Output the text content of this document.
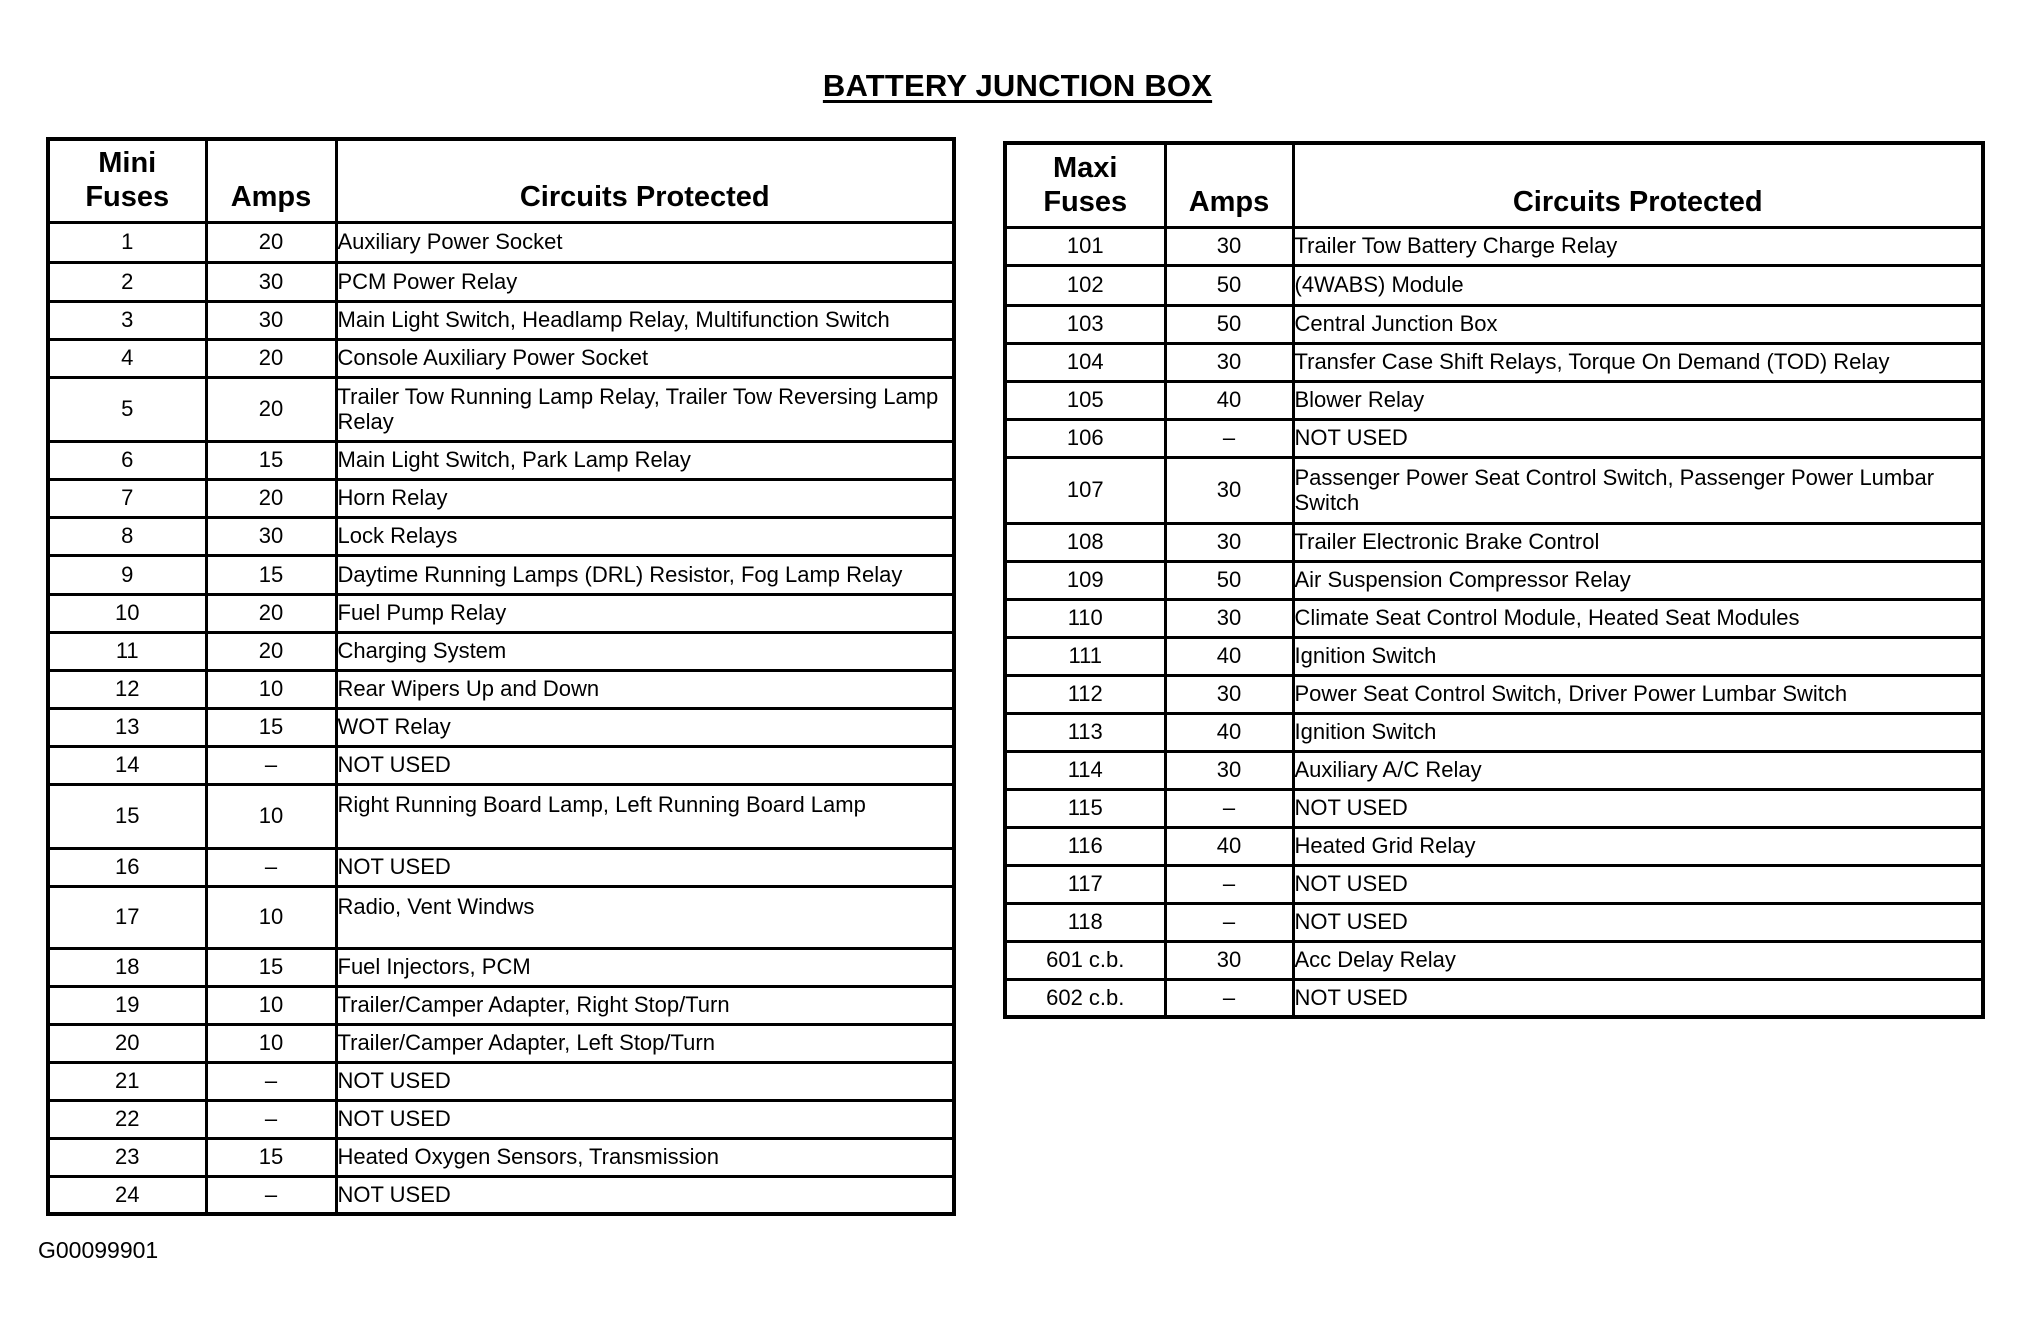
BATTERY JUNCTION BOX
Mini
Fuses	Amps	Circuits Protected
1	20	Auxiliary Power Socket
2	30	PCM Power Relay
3	30	Main Light Switch, Headlamp Relay, Multifunction Switch
4	20	Console Auxiliary Power Socket
5	20	Trailer Tow Running Lamp Relay, Trailer Tow Reversing Lamp Relay
6	15	Main Light Switch, Park Lamp Relay
7	20	Horn Relay
8	30	Lock Relays
9	15	Daytime Running Lamps (DRL) Resistor, Fog Lamp Relay
10	20	Fuel Pump Relay
11	20	Charging System
12	10	Rear Wipers Up and Down
13	15	WOT Relay
14	–	NOT USED
15	10	Right Running Board Lamp, Left Running Board Lamp
16	–	NOT USED
17	10	Radio, Vent Windws
18	15	Fuel Injectors, PCM
19	10	Trailer/Camper Adapter, Right Stop/Turn
20	10	Trailer/Camper Adapter, Left Stop/Turn
21	–	NOT USED
22	–	NOT USED
23	15	Heated Oxygen Sensors, Transmission
24	–	NOT USED
Maxi
Fuses	Amps	Circuits Protected
101	30	Trailer Tow Battery Charge Relay
102	50	(4WABS) Module
103	50	Central Junction Box
104	30	Transfer Case Shift Relays, Torque On Demand (TOD) Relay
105	40	Blower Relay
106	–	NOT USED
107	30	Passenger Power Seat Control Switch, Passenger Power Lumbar Switch
108	30	Trailer Electronic Brake Control
109	50	Air Suspension Compressor Relay
110	30	Climate Seat Control Module, Heated Seat Modules
111	40	Ignition Switch
112	30	Power Seat Control Switch, Driver Power Lumbar Switch
113	40	Ignition Switch
114	30	Auxiliary A/C Relay
115	–	NOT USED
116	40	Heated Grid Relay
117	–	NOT USED
118	–	NOT USED
601 c.b.	30	Acc Delay Relay
602 c.b.	–	NOT USED
G00099901
